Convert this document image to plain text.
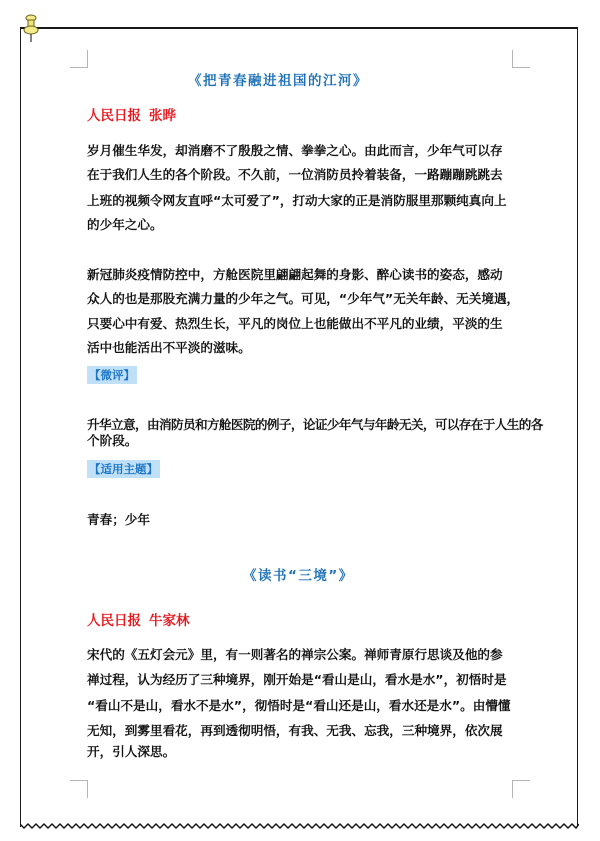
《把青春融进祖国的江河》
人民日报 张晔
岁月催生华发，却消磨不了殷殷之情、拳拳之心。由此而言，少年气可以存
在于我们人生的各个阶段。不久前，一位消防员拎着装备，一路蹦蹦跳跳去
上班的视频令网友直呼“太可爱了”，打动大家的正是消防服里那颗纯真向上
的少年之心。
新冠肺炎疫情防控中，方舱医院里翩翩起舞的身影、醉心读书的姿态，感动
众人的也是那股充满力量的少年之气。可见，“少年气”无关年龄、无关境遇，
只要心中有爱、热烈生长，平凡的岗位上也能做出不平凡的业绩，平淡的生
活中也能活出不平淡的滋味。
【微评】
升华立意，由消防员和方舱医院的例子，论证少年气与年龄无关，可以存在于人生的各
个阶段。
【适用主题】
青春；少年
《读书“三境”》
人民日报 牛家林
宋代的《五灯会元》里，有一则著名的禅宗公案。禅师青原行思谈及他的参
禅过程，认为经历了三种境界，刚开始是“看山是山，看水是水”，初悟时是
“看山不是山，看水不是水”，彻悟时是“看山还是山，看水还是水”。由懵懂
无知，到雾里看花，再到透彻明悟，有我、无我、忘我，三种境界，依次展
开，引人深思。
